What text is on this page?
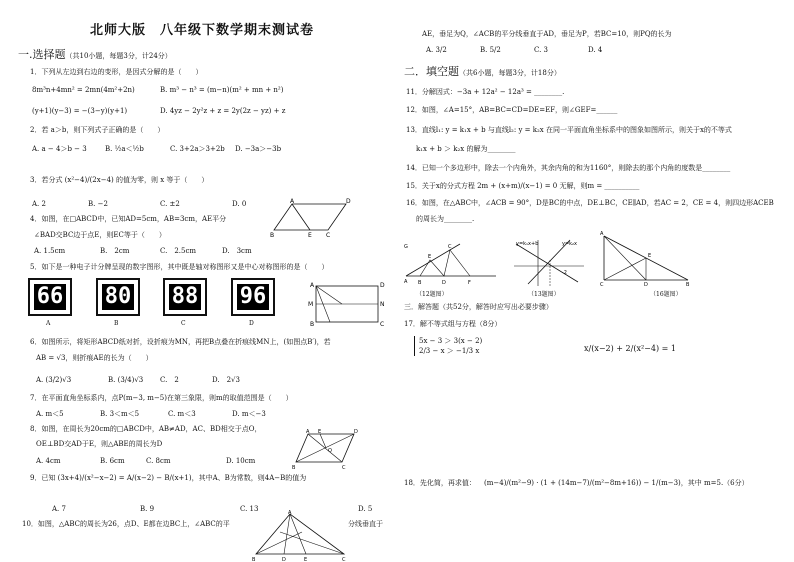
北师大版　八年级下数学期末测试卷
一.选择题（共10小题，每题3分，计24分）
1．下列从左边到右边的变形，是因式分解的是（　　）
8m³n+4mn² = 2mn(4m²+2n)	B. m³ − n³ = (m−n)(m² + mn + n²)
(y+1)(y−3) = −(3−y)(y+1)	D. 4yz − 2y²z + z = 2y(2z − yz) + z
2．若 a＞b，则下列式子正确的是（　　）
A. a − 4＞b − 3	B. ½a＜½b	C. 3+2a＞3+2b D. −3a＞−3b
3．若分式 (x²−4)/(2x−4) 的值为零，则 x 等于（　　）
A. 2	B. −2	C. ±2	D. 0
4．如图，在□ABCD中，已知AD=5cm，AB=3cm，AE平分
∠BAD交BC边于点E，则EC等于（　　）
A. 1.5cm	B.　2cm	C.　2.5cm	D.　3cm
A	D
B	E C
5．如下是一种电子计分牌呈现的数字图形，其中既是轴对称图形又是中心对称图形的是（　　）
66 80 88 96
A	B	C	D
A	D
M	N
B	C
6．如图所示，将矩形ABCD纸对折，设折痕为MN，再把B点叠在折痕线MN上，(如图点B′)，若
AB = √3，则折痕AE的长为（　　）
A. (3/2)√3	B. (3/4)√3 C.　2	D.　2√3
7．在平面直角坐标系内，点P(m−3, m−5)在第三象限，则m的取值范围是（　　）
A. m＜5	B. 3＜m＜5	C. m＜3	D. m＜−3
8．如图，在周长为20cm的□ABCD中，AB≠AD，AC、BD相交于点O，
OE⊥BD交AD于E，则△ABE的周长为D
A. 4cm	B. 6cm	C. 8cm	D. 10cm
A E	D
O
B	C
9．已知 (3x+4)/(x²−x−2) = A/(x−2) − B/(x+1)，其中A、B为常数，则4A−B的值为
A. 7	B. 9	C. 13	D. 5
10．如图，△ABC的周长为26，点D、E都在边BC上，∠ABC的平	分线垂直于
A
B	D	E	C
AE，垂足为Q，∠ACB的平分线垂直于AD，垂足为P，若BC=10，则PQ的长为
A. 3/2	B. 5/2	C. 3	D. 4
二．填空题（共6小题，每题3分，计18分）
11．分解因式：−3a + 12a² − 12a³ = ________.
12．如图，∠A=15°，AB=BC=CD=DE=EF，则∠GEF=______
13．直线l₁: y = k₁x + b 与直线l₂: y = k₂x 在同一平面直角坐标系中的图象如图所示，则关于x的不等式
k₁x + b ＞ k₂x 的解为________
14．已知一个多边形中，除去一个内角外，其余内角的和为1160°，则除去的那个内角的度数是________
15．关于x的分式方程 2m + (x+m)/(x−1) = 0 无解，则m = __________
16．如图，在△ABC中，∠ACB = 90°，D是BC的中点，DE⊥BC，CE∥AD，若AC = 2，CE = 4，则四边形ACEB
的周长为________.
A
G
E
C
B	D	F
y=k₁x+b	y=k₂x
-2
（13题图）
（12题图）
A
C	D	B
E
（16题图）
三．解答题（共52分，解答时应写出必要步骤）
17．解不等式组与方程（8分）
5x − 3 ＞ 3(x − 2)
2/3 − x ＞ −1/3 x	x/(x−2) + 2/(x²−4) = 1
18．先化简，再求值： (m−4)/(m²−9) · (1 + (14m−7)/(m²−8m+16)) − 1/(m−3)，其中 m=5.（6分）
